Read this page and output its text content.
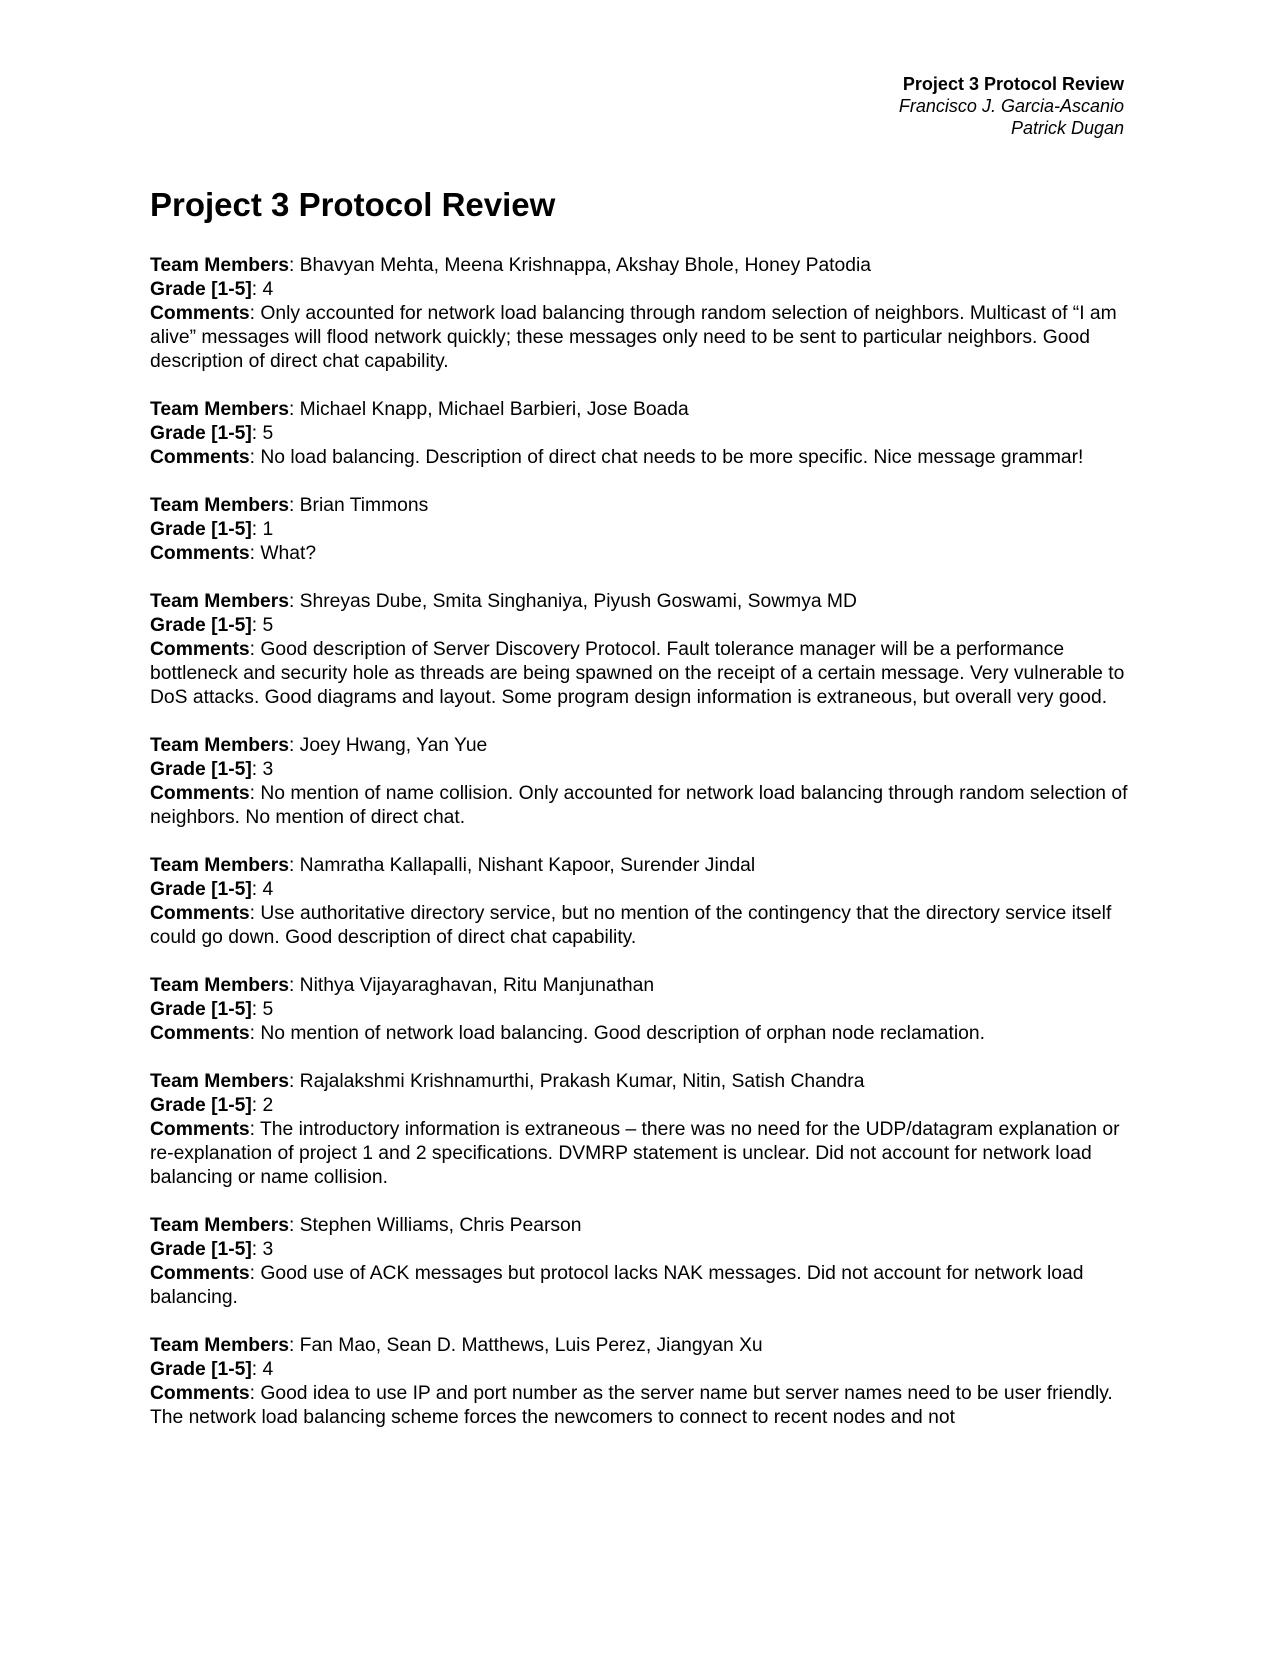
Project 3 Protocol Review
Francisco J. Garcia-Ascanio
Patrick Dugan
Project 3 Protocol Review
Team Members: Bhavyan Mehta, Meena Krishnappa, Akshay Bhole, Honey Patodia
Grade [1-5]: 4
Comments: Only accounted for network load balancing through random selection of neighbors. Multicast of “I am alive” messages will flood network quickly; these messages only need to be sent to particular neighbors. Good description of direct chat capability.
Team Members: Michael Knapp, Michael Barbieri, Jose Boada
Grade [1-5]: 5
Comments: No load balancing. Description of direct chat needs to be more specific. Nice message grammar!
Team Members: Brian Timmons
Grade [1-5]: 1
Comments: What?
Team Members: Shreyas Dube, Smita Singhaniya, Piyush Goswami, Sowmya MD
Grade [1-5]: 5
Comments: Good description of Server Discovery Protocol. Fault tolerance manager will be a performance bottleneck and security hole as threads are being spawned on the receipt of a certain message. Very vulnerable to DoS attacks. Good diagrams and layout. Some program design information is extraneous, but overall very good.
Team Members: Joey Hwang, Yan Yue
Grade [1-5]: 3
Comments: No mention of name collision. Only accounted for network load balancing through random selection of neighbors. No mention of direct chat.
Team Members: Namratha Kallapalli, Nishant Kapoor, Surender Jindal
Grade [1-5]: 4
Comments: Use authoritative directory service, but no mention of the contingency that the directory service itself could go down. Good description of direct chat capability.
Team Members: Nithya Vijayaraghavan, Ritu Manjunathan
Grade [1-5]: 5
Comments: No mention of network load balancing. Good description of orphan node reclamation.
Team Members: Rajalakshmi Krishnamurthi, Prakash Kumar, Nitin, Satish Chandra
Grade [1-5]: 2
Comments: The introductory information is extraneous – there was no need for the UDP/datagram explanation or re-explanation of project 1 and 2 specifications. DVMRP statement is unclear. Did not account for network load balancing or name collision.
Team Members: Stephen Williams, Chris Pearson
Grade [1-5]: 3
Comments: Good use of ACK messages but protocol lacks NAK messages. Did not account for network load balancing.
Team Members: Fan Mao, Sean D. Matthews, Luis Perez, Jiangyan Xu
Grade [1-5]: 4
Comments: Good idea to use IP and port number as the server name but server names need to be user friendly. The network load balancing scheme forces the newcomers to connect to recent nodes and not
